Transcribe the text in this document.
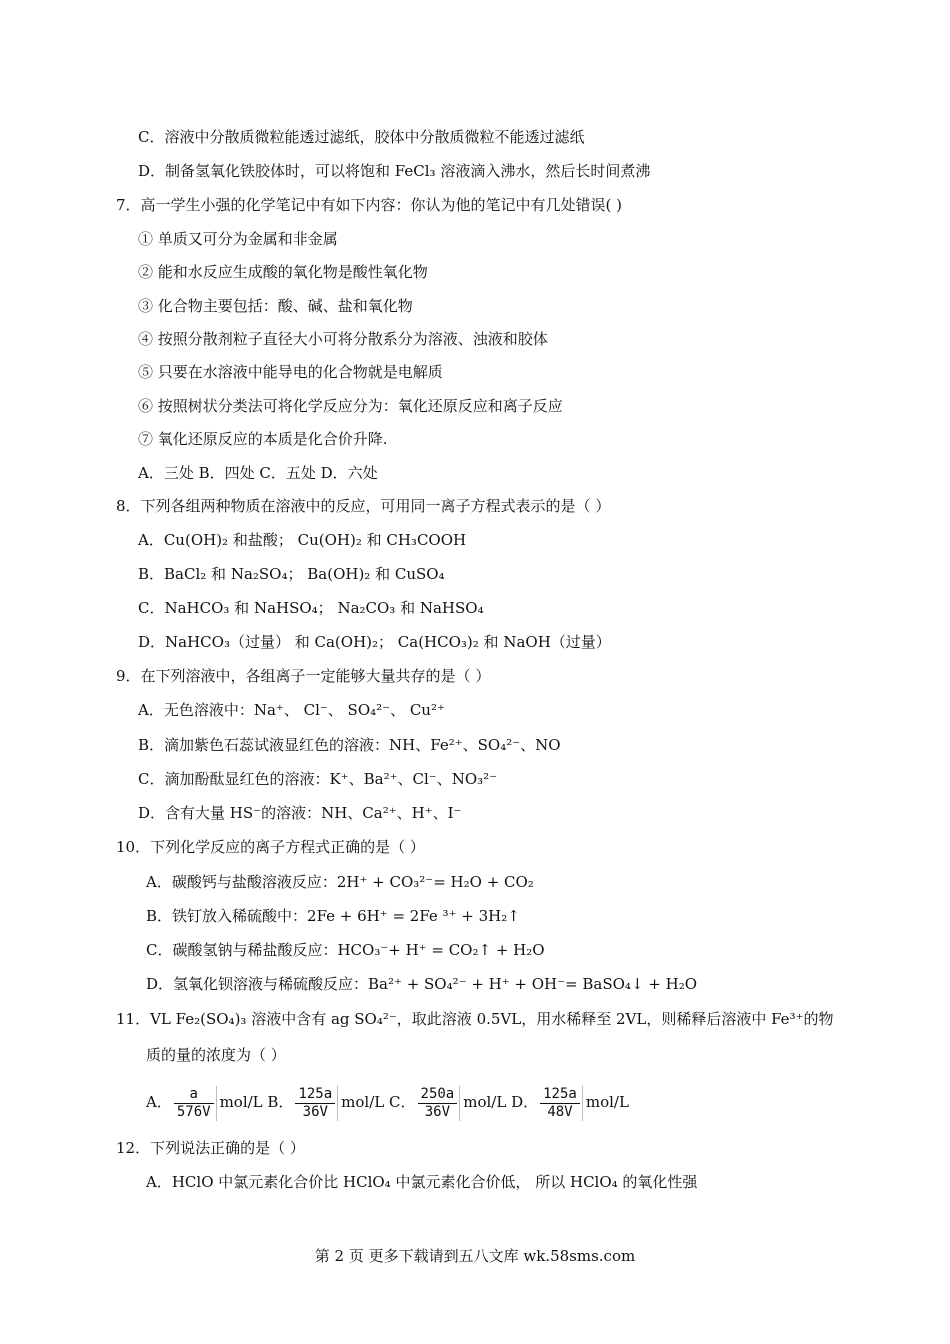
C．溶液中分散质微粒能透过滤纸，胶体中分散质微粒不能透过滤纸
D．制备氢氧化铁胶体时，可以将饱和 FeCl₃ 溶液滴入沸水，然后长时间煮沸
7．高一学生小强的化学笔记中有如下内容：你认为他的笔记中有几处错误( )
① 单质又可分为金属和非金属
② 能和水反应生成酸的氧化物是酸性氧化物
③ 化合物主要包括：酸、碱、盐和氧化物
④ 按照分散剂粒子直径大小可将分散系分为溶液、浊液和胶体
⑤ 只要在水溶液中能导电的化合物就是电解质
⑥ 按照树状分类法可将化学反应分为：氧化还原反应和离子反应
⑦ 氧化还原反应的本质是化合价升降.
A．三处 B．四处 C．五处 D．六处
8．下列各组两种物质在溶液中的反应，可用同一离子方程式表示的是（ ）
A．Cu(OH)₂ 和盐酸； Cu(OH)₂ 和 CH₃COOH
B．BaCl₂ 和 Na₂SO₄； Ba(OH)₂ 和 CuSO₄
C．NaHCO₃ 和 NaHSO₄； Na₂CO₃ 和 NaHSO₄
D．NaHCO₃（过量） 和 Ca(OH)₂； Ca(HCO₃)₂ 和 NaOH（过量）
9．在下列溶液中，各组离子一定能够大量共存的是（ ）
A．无色溶液中：Na⁺、 Cl⁻、 SO₄²⁻、 Cu²⁺
B．滴加紫色石蕊试液显红色的溶液：NH、Fe²⁺、SO₄²⁻、NO
C．滴加酚酞显红色的溶液：K⁺、Ba²⁺、Cl⁻、NO₃²⁻
D．含有大量 HS⁻的溶液：NH、Ca²⁺、H⁺、I⁻
10．下列化学反应的离子方程式正确的是（ ）
A．碳酸钙与盐酸溶液反应：2H⁺ + CO₃²⁻= H₂O + CO₂
B．铁钉放入稀硫酸中：2Fe + 6H⁺ = 2Fe ³⁺ + 3H₂↑
C．碳酸氢钠与稀盐酸反应：HCO₃⁻+ H⁺ = CO₂↑ + H₂O
D．氢氧化钡溶液与稀硫酸反应：Ba²⁺ + SO₄²⁻ + H⁺ + OH⁻= BaSO₄↓ + H₂O
11．VL Fe₂(SO₄)₃ 溶液中含有 ag SO₄²⁻，取此溶液 0.5VL，用水稀释至 2VL，则稀释后溶液中 Fe³⁺的物
质的量的浓度为（ ）
A． $\frac{a}{576V} mol/L$ B． $\frac{125a}{36V} mol/L$ C． $\frac{250a}{36V} mol/L$ D． $\frac{125a}{48V} mol/L$
12．下列说法正确的是（ ）
A．HClO 中氯元素化合价比 HClO₄ 中氯元素化合价低， 所以 HClO₄ 的氧化性强
第 2 页 更多下载请到五八文库 wk.58sms.com
